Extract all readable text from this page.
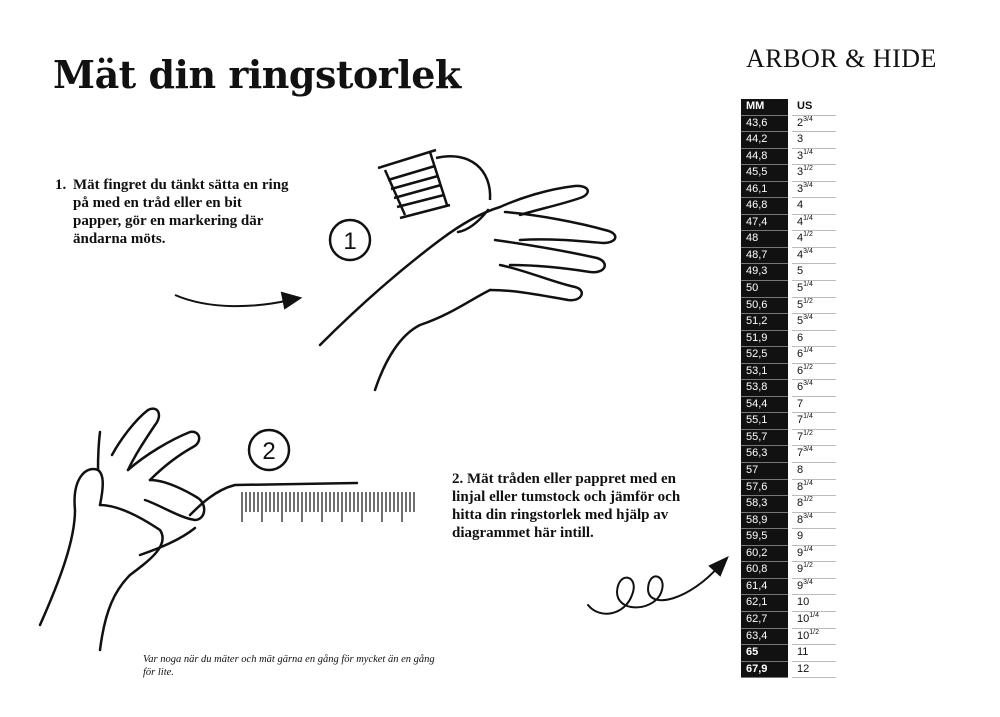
Mät din ringstorlek	ARBOR & HIDE
1. Mät fingret du tänkt sätta en ring på med en tråd eller en bit papper, gör en markering där ändarna möts.
2. Mät tråden eller pappret med en linjal eller tumstock och jämför och hitta din ringstorlek med hjälp av diagrammet här intill.
Var noga när du mäter och mät gärna en gång för mycket än en gång för lite.
1
2
MM	US
43,6	$2^{3/4}$
44,2	3
44,8	$3^{1/4}$
45,5	$3^{1/2}$
46,1	$3^{3/4}$
46,8	4
47,4	$4^{1/4}$
48	$4^{1/2}$
48,7	$4^{3/4}$
49,3	5
50	$5^{1/4}$
50,6	$5^{1/2}$
51,2	$5^{3/4}$
51,9	6
52,5	$6^{1/4}$
53,1	$6^{1/2}$
53,8	$6^{3/4}$
54,4	7
55,1	$7^{1/4}$
55,7	$7^{1/2}$
56,3	$7^{3/4}$
57	8
57,6	$8^{1/4}$
58,3	$8^{1/2}$
58,9	$8^{3/4}$
59,5	9
60,2	$9^{1/4}$
60,8	$9^{1/2}$
61,4	$9^{3/4}$
62,1	10
62,7	$10^{1/4}$
63,4	$10^{1/2}$
65	11
67,9	12
